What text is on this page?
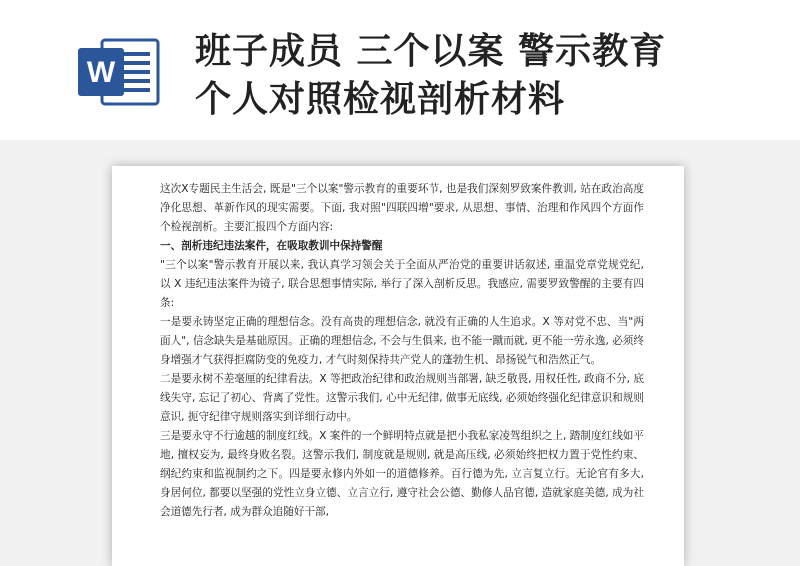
W
班子成员 三个以案 警示教育
个人对照检视剖析材料

这次X专题民主生活会, 既是"三个以案"警示教育的重要环节, 也是我们深刻罗致案件教训, 站在政治高度净化思想、革新作风的现实需要。下面, 我对照"四联四增"要求, 从思想、事情、治理和作风四个方面作个检视剖析。主要汇报四个方面内容:

一、剖析违纪违法案件，在吸取教训中保持警醒

"三个以案"警示教育开展以来, 我认真学习领会关于全面从严治党的重要讲话叙述, 重温党章党规党纪, 以 X 违纪违法案件为镜子, 联合思想事情实际, 举行了深入剖析反思。我感应, 需要罗致警醒的主要有四条:

一是要永铸坚定正确的理想信念。没有高贵的理想信念, 就没有正确的人生追求。X 等对党不忠、当"两面人", 信念缺失是基础原因。正确的理想信念, 不会与生俱来, 也不能一蹴而就, 更不能一劳永逸, 必须终身增强才气获得拒腐防变的免疫力, 才气时刻保持共产党人的蓬勃生机、昂扬锐气和浩然正气。

二是要永树不差毫厘的纪律看法。X 等把政治纪律和政治规则当部署, 缺乏敬畏, 用权任性, 政商不分, 底线失守, 忘记了初心、背离了党性。这警示我们, 心中无纪律, 做事无底线, 必须始终强化纪律意识和规则意识, 扼守纪律守规则落实到详细行动中。

三是要永守不行逾越的制度红线。X 案件的一个鲜明特点就是把小我私家凌驾组织之上, 踏制度红线如平地, 擅权妄为, 最终身败名裂。这警示我们, 制度就是规则, 就是高压线, 必须始终把权力置于党性约束、纲纪约束和监视制约之下。四是要永修内外如一的道德修养。百行德为先, 立言复立行。无论官有多大, 身居何位, 都要以坚强的党性立身立德、立言立行, 遵守社会公德、勤修人品官德, 造就家庭美德, 成为社会道德先行者, 成为群众追随好干部,
